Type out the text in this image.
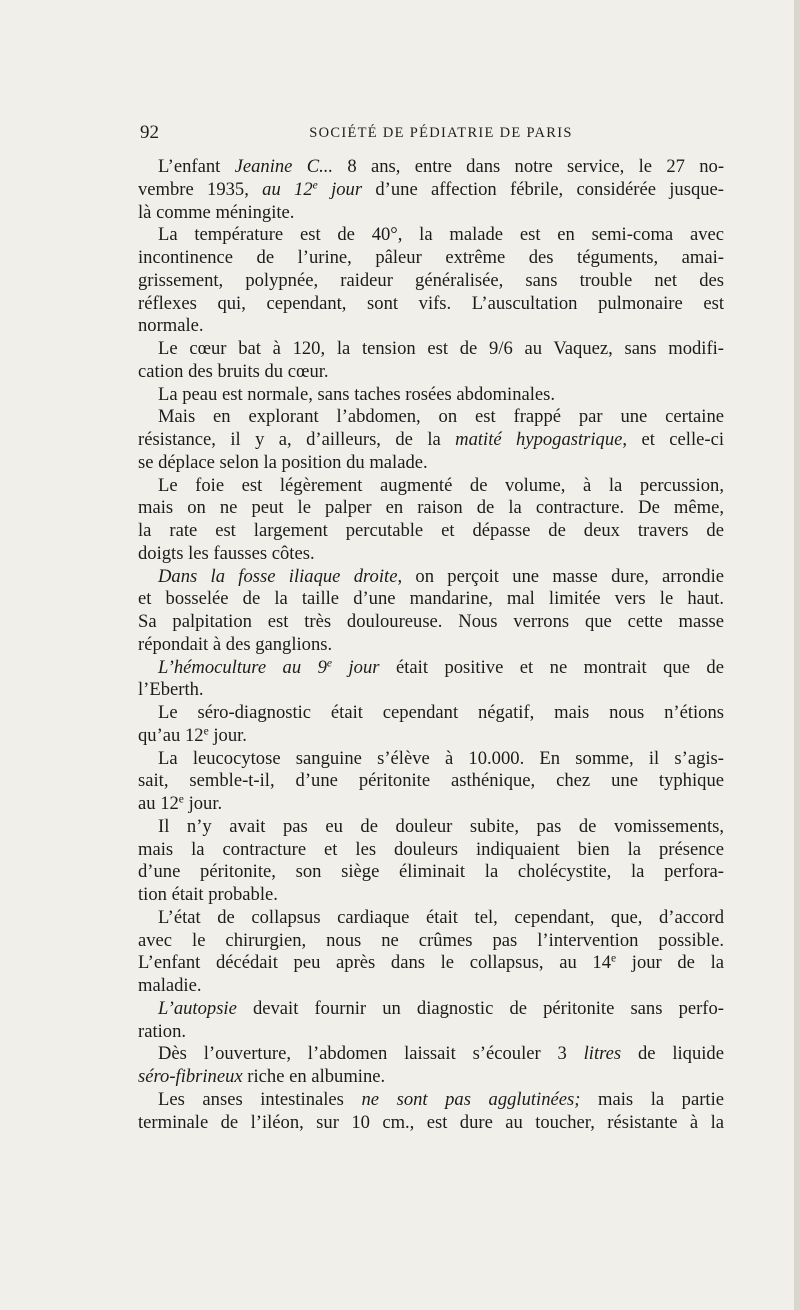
92	SOCIÉTÉ DE PÉDIATRIE DE PARIS
L’enfant Jeanine C... 8 ans, entre dans notre service, le 27 no-
vembre 1935, au 12e jour d’une affection fébrile, considérée jusque-
là comme méningite.
La température est de 40°, la malade est en semi-coma avec
incontinence de l’urine, pâleur extrême des téguments, amai-
grissement, polypnée, raideur généralisée, sans trouble net des
réflexes qui, cependant, sont vifs. L’auscultation pulmonaire est
normale.
Le cœur bat à 120, la tension est de 9/6 au Vaquez, sans modifi-
cation des bruits du cœur.
La peau est normale, sans taches rosées abdominales.
Mais en explorant l’abdomen, on est frappé par une certaine
résistance, il y a, d’ailleurs, de la matité hypogastrique, et celle-ci
se déplace selon la position du malade.
Le foie est légèrement augmenté de volume, à la percussion,
mais on ne peut le palper en raison de la contracture. De même,
la rate est largement percutable et dépasse de deux travers de
doigts les fausses côtes.
Dans la fosse iliaque droite, on perçoit une masse dure, arrondie
et bosselée de la taille d’une mandarine, mal limitée vers le haut.
Sa palpitation est très douloureuse. Nous verrons que cette masse
répondait à des ganglions.
L’hémoculture au 9e jour était positive et ne montrait que de
l’Eberth.
Le séro-diagnostic était cependant négatif, mais nous n’étions
qu’au 12e jour.
La leucocytose sanguine s’élève à 10.000. En somme, il s’agis-
sait, semble-t-il, d’une péritonite asthénique, chez une typhique
au 12e jour.
Il n’y avait pas eu de douleur subite, pas de vomissements,
mais la contracture et les douleurs indiquaient bien la présence
d’une péritonite, son siège éliminait la cholécystite, la perfora-
tion était probable.
L’état de collapsus cardiaque était tel, cependant, que, d’accord
avec le chirurgien, nous ne crûmes pas l’intervention possible.
L’enfant décédait peu après dans le collapsus, au 14e jour de la
maladie.
L’autopsie devait fournir un diagnostic de péritonite sans perfo-
ration.
Dès l’ouverture, l’abdomen laissait s’écouler 3 litres de liquide
séro-fibrineux riche en albumine.
Les anses intestinales ne sont pas agglutinées; mais la partie
terminale de l’iléon, sur 10 cm., est dure au toucher, résistante à la
